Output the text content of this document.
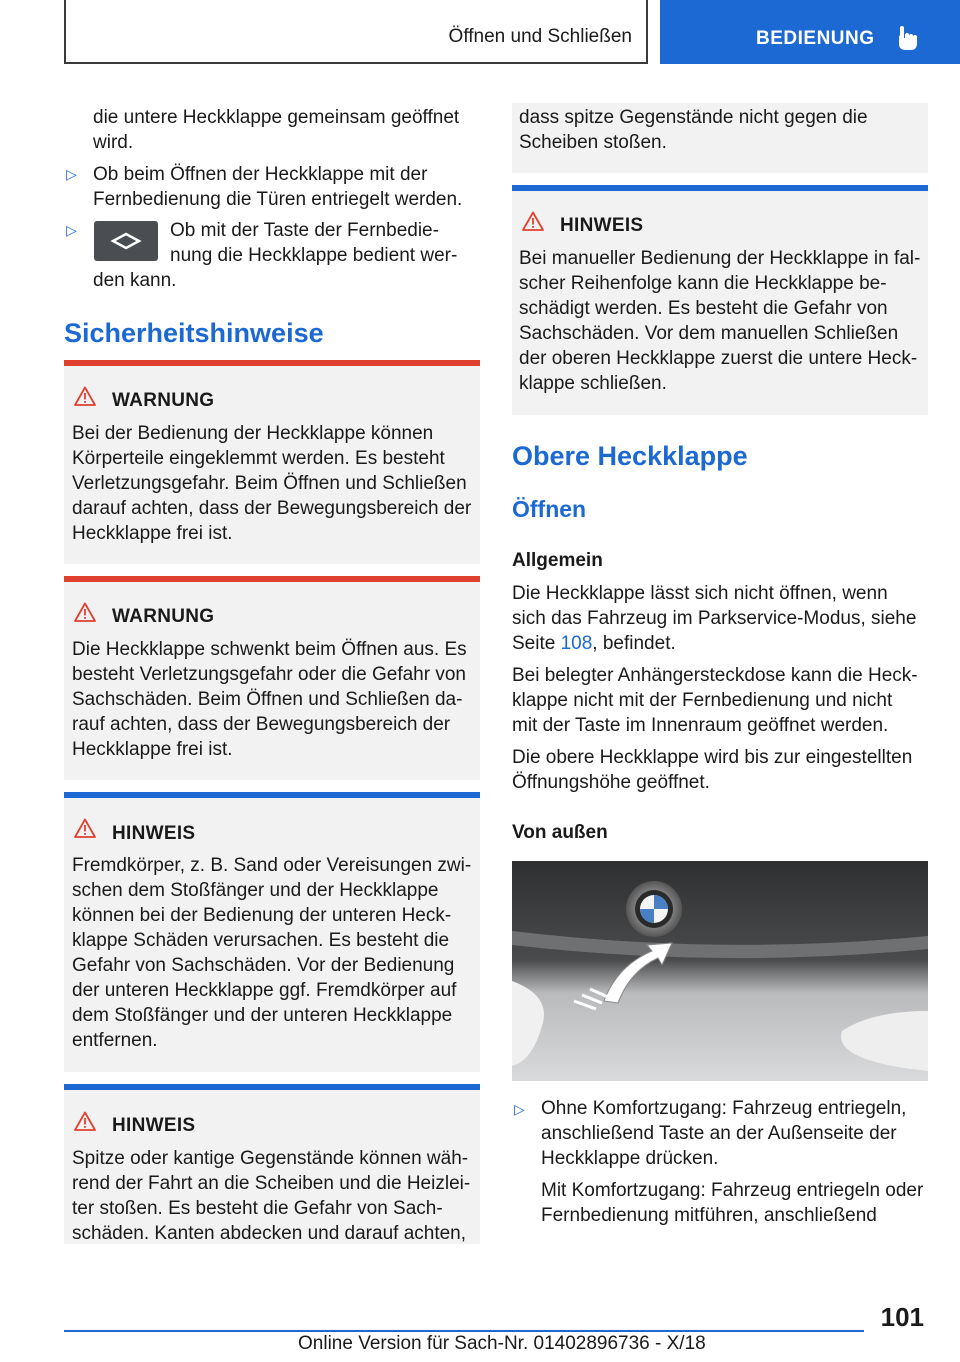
Öffnen und Schließen	BEDIENUNG
die untere Heckklappe gemeinsam geöffnet
wird.
▷ Ob beim Öffnen der Heckklappe mit der
Fernbedienung die Türen entriegelt werden.
▷	Ob mit der Taste der Fernbedie-
nung die Heckklappe bedient wer-
den kann.
Sicherheitshinweise
WARNUNG
Bei der Bedienung der Heckklappe können
Körperteile eingeklemmt werden. Es besteht
Verletzungsgefahr. Beim Öffnen und Schließen
darauf achten, dass der Bewegungsbereich der
Heckklappe frei ist.
WARNUNG
Die Heckklappe schwenkt beim Öffnen aus. Es
besteht Verletzungsgefahr oder die Gefahr von
Sachschäden. Beim Öffnen und Schließen da-
rauf achten, dass der Bewegungsbereich der
Heckklappe frei ist.
HINWEIS
Fremdkörper, z. B. Sand oder Vereisungen zwi-
schen dem Stoßfänger und der Heckklappe
können bei der Bedienung der unteren Heck-
klappe Schäden verursachen. Es besteht die
Gefahr von Sachschäden. Vor der Bedienung
der unteren Heckklappe ggf. Fremdkörper auf
dem Stoßfänger und der unteren Heckklappe
entfernen.
HINWEIS
Spitze oder kantige Gegenstände können wäh-
rend der Fahrt an die Scheiben und die Heizlei-
ter stoßen. Es besteht die Gefahr von Sach-
schäden. Kanten abdecken und darauf achten,
dass spitze Gegenstände nicht gegen die
Scheiben stoßen.
HINWEIS
Bei manueller Bedienung der Heckklappe in fal-
scher Reihenfolge kann die Heckklappe be-
schädigt werden. Es besteht die Gefahr von
Sachschäden. Vor dem manuellen Schließen
der oberen Heckklappe zuerst die untere Heck-
klappe schließen.
Obere Heckklappe
Öffnen
Allgemein
Die Heckklappe lässt sich nicht öffnen, wenn
sich das Fahrzeug im Parkservice-Modus, siehe
Seite 108, befindet.
Bei belegter Anhängersteckdose kann die Heck-
klappe nicht mit der Fernbedienung und nicht
mit der Taste im Innenraum geöffnet werden.
Die obere Heckklappe wird bis zur eingestellten
Öffnungshöhe geöffnet.
Von außen
▷ Ohne Komfortzugang: Fahrzeug entriegeln,
anschließend Taste an der Außenseite der
Heckklappe drücken.
Mit Komfortzugang: Fahrzeug entriegeln oder
Fernbedienung mitführen, anschließend
101
Online Version für Sach-Nr. 01402896736 - X/18
